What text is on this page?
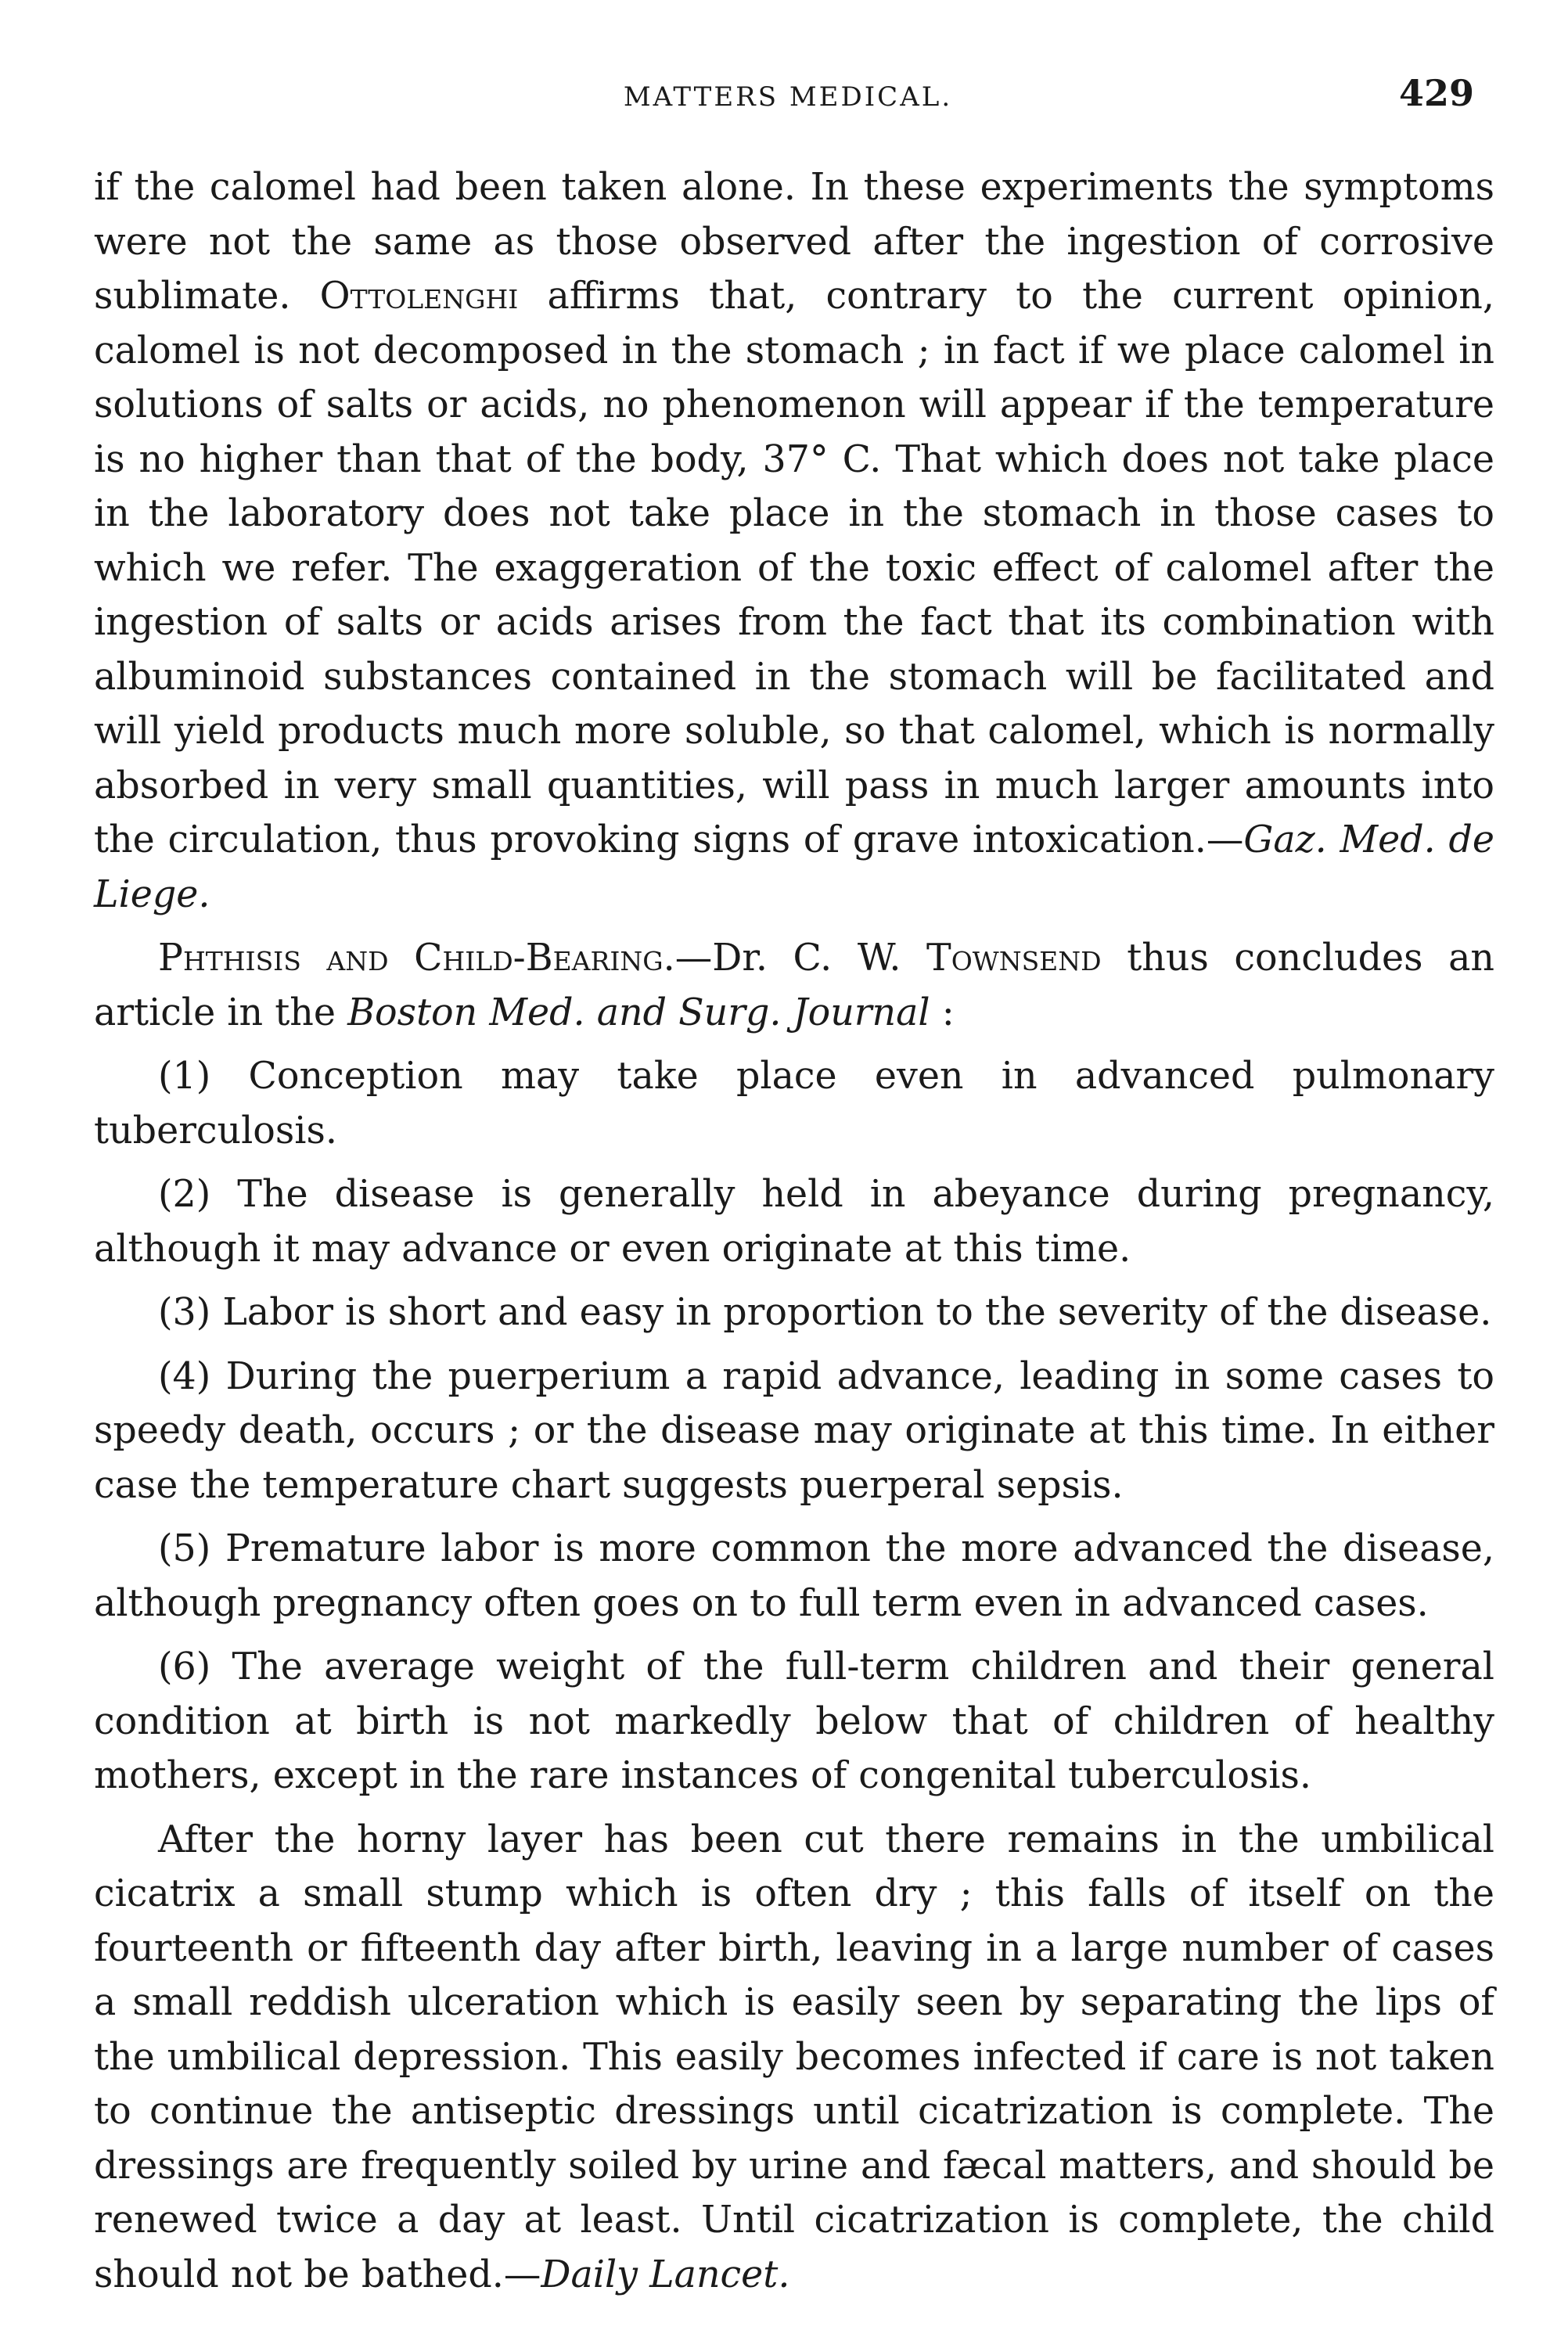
MATTERS MEDICAL.	429

if the calomel had been taken alone. In these experiments the symptoms were not the same as those observed after the ingestion of corrosive sublimate. Ottolenghi affirms that, contrary to the current opinion, calomel is not decomposed in the stomach ; in fact if we place calomel in solutions of salts or acids, no phenomenon will appear if the temperature is no higher than that of the body, 37° C. That which does not take place in the laboratory does not take place in the stomach in those cases to which we refer. The exaggeration of the toxic effect of calomel after the ingestion of salts or acids arises from the fact that its combination with albuminoid substances contained in the stomach will be facilitated and will yield products much more soluble, so that calomel, which is normally absorbed in very small quantities, will pass in much larger amounts into the circulation, thus provoking signs of grave intoxication.—Gaz. Med. de Liege.

Phthisis and Child-Bearing.—Dr. C. W. Townsend thus concludes an article in the Boston Med. and Surg. Journal :

(1) Conception may take place even in advanced pulmonary tuberculosis.

(2) The disease is generally held in abeyance during pregnancy, although it may advance or even originate at this time.

(3) Labor is short and easy in proportion to the severity of the disease.

(4) During the puerperium a rapid advance, leading in some cases to speedy death, occurs ; or the disease may originate at this time. In either case the temperature chart suggests puerperal sepsis.

(5) Premature labor is more common the more advanced the disease, although pregnancy often goes on to full term even in advanced cases.

(6) The average weight of the full-term children and their general condition at birth is not markedly below that of children of healthy mothers, except in the rare instances of congenital tuberculosis.

After the horny layer has been cut there remains in the umbilical cicatrix a small stump which is often dry ; this falls of itself on the fourteenth or fifteenth day after birth, leaving in a large number of cases a small reddish ulceration which is easily seen by separating the lips of the umbilical depression. This easily becomes infected if care is not taken to continue the antiseptic dressings until cicatrization is complete. The dressings are frequently soiled by urine and fæcal matters, and should be renewed twice a day at least. Until cicatrization is complete, the child should not be bathed.—Daily Lancet.
